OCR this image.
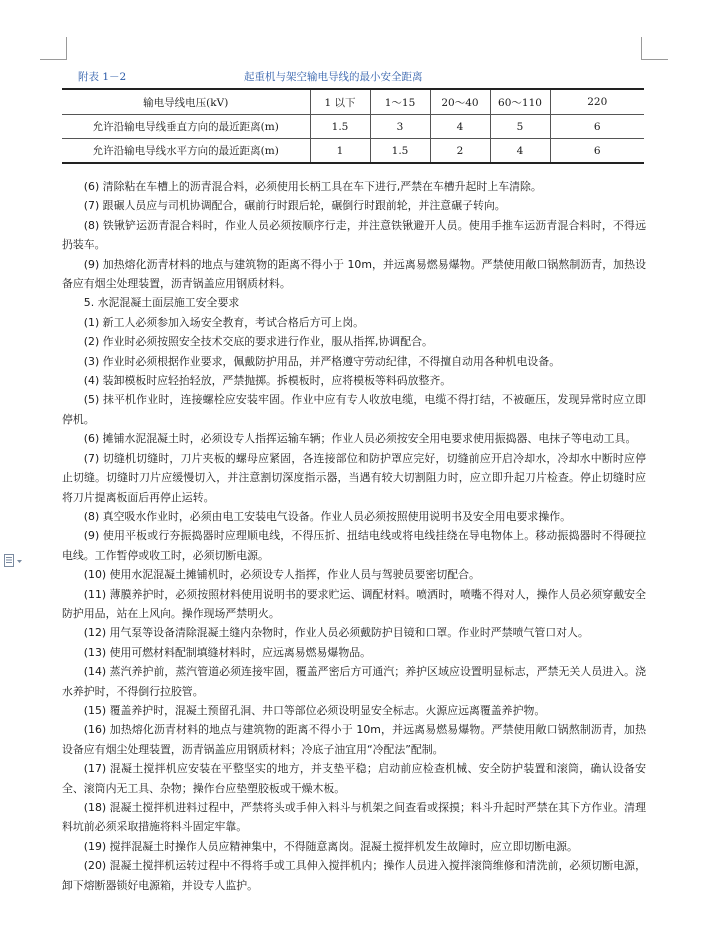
附表 1－2	起重机与架空输电导线的最小安全距离
输电导线电压(kV)	1 以下	1～15	20～40	60～110	220
允许沿输电导线垂直方向的最近距离(m)	1.5	3	4	5	6
允许沿输电导线水平方向的最近距离(m)	1	1.5	2	4	6

(6) 清除粘在车槽上的沥青混合料，必须使用长柄工具在车下进行,严禁在车槽升起时上车清除。

(7) 跟碾人员应与司机协调配合，碾前行时跟后轮，碾倒行时跟前轮，并注意碾子转向。

(8) 铁锹铲运沥青混合料时，作业人员必须按顺序行走，并注意铁锹避开人员。使用手推车运沥青混合料时，不得远扔装车。

(9) 加热熔化沥青材料的地点与建筑物的距离不得小于 10m，并远离易燃易爆物。严禁使用敞口锅熬制沥青，加热设备应有烟尘处理装置，沥青锅盖应用钢质材料。

5. 水泥混凝土面层施工安全要求

(1) 新工人必须参加入场安全教育，考试合格后方可上岗。

(2) 作业时必须按照安全技术交底的要求进行作业，服从指挥,协调配合。

(3) 作业时必须根据作业要求，佩戴防护用品，并严格遵守劳动纪律，不得擅自动用各种机电设备。

(4) 装卸模板时应轻抬轻放，严禁抛掷。拆模板时，应将模板等料码放整齐。

(5) 抹平机作业时，连接螺栓应安装牢固。作业中应有专人收放电缆，电缆不得打结，不被砸压，发现异常时应立即停机。

(6) 摊铺水泥混凝土时，必须设专人指挥运输车辆；作业人员必须按安全用电要求使用振捣器、电抹子等电动工具。

(7) 切缝机切缝时，刀片夹板的螺母应紧固，各连接部位和防护罩应完好，切缝前应开启冷却水，冷却水中断时应停止切缝。切缝时刀片应缓慢切入，并注意割切深度指示器，当遇有较大切割阻力时，应立即升起刀片检查。停止切缝时应将刀片提离板面后再停止运转。

(8) 真空吸水作业时，必须由电工安装电气设备。作业人员必须按照使用说明书及安全用电要求操作。

(9) 使用平板或行夯振捣器时应理顺电线，不得压折、扭结电线或将电线挂绕在导电物体上。移动振捣器时不得硬拉电线。工作暂停或收工时，必须切断电源。

(10) 使用水泥混凝土摊铺机时，必须设专人指挥，作业人员与驾驶员要密切配合。

(11) 薄膜养护时，必须按照材料使用说明书的要求贮运、调配材料。喷洒时，喷嘴不得对人，操作人员必须穿戴安全防护用品，站在上风向。操作现场严禁明火。

(12) 用气泵等设备清除混凝土缝内杂物时，作业人员必须戴防护目镜和口罩。作业时严禁喷气管口对人。

(13) 使用可燃材料配制填缝材料时，应远离易燃易爆物品。

(14) 蒸汽养护前，蒸汽管道必须连接牢固，覆盖严密后方可通汽；养护区域应设置明显标志，严禁无关人员进入。浇水养护时，不得倒行拉胶管。

(15) 覆盖养护时，混凝土预留孔洞、井口等部位必须设明显安全标志。火源应远离覆盖养护物。

(16) 加热熔化沥青材料的地点与建筑物的距离不得小于 10m，并远离易燃易爆物。严禁使用敞口锅熬制沥青，加热设备应有烟尘处理装置，沥青锅盖应用钢质材料；冷底子油宜用“冷配法”配制。

(17) 混凝土搅拌机应安装在平整坚实的地方，并支垫平稳；启动前应检查机械、安全防护装置和滚筒，确认设备安全、滚筒内无工具、杂物；操作台应垫塑胶板或干燥木板。

(18) 混凝土搅拌机进料过程中，严禁将头或手伸入料斗与机架之间查看或探摸；料斗升起时严禁在其下方作业。清理料坑前必须采取措施将料斗固定牢靠。

(19) 搅拌混凝土时操作人员应精神集中，不得随意离岗。混凝土搅拌机发生故障时，应立即切断电源。

(20) 混凝土搅拌机运转过程中不得将手或工具伸入搅拌机内；操作人员进入搅拌滚筒维修和清洗前，必须切断电源，卸下熔断器锁好电源箱，并设专人监护。
